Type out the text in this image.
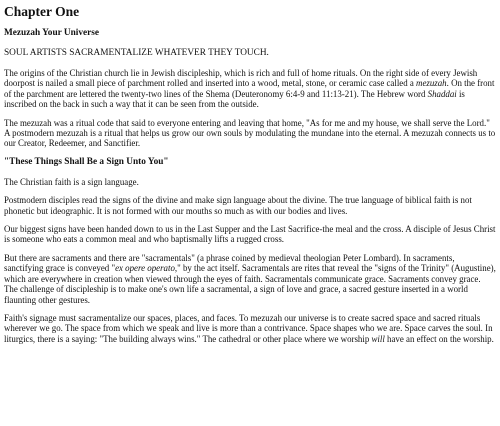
Chapter One
Mezuzah Your Universe
SOUL ARTISTS SACRAMENTALIZE WHATEVER THEY TOUCH.

The origins of the Christian church lie in Jewish discipleship, which is rich and full of home rituals. On the right side of every Jewish doorpost is nailed a small piece of parchment rolled and inserted into a wood, metal, stone, or ceramic case called a mezuzah. On the front of the parchment are lettered the twenty-two lines of the Shema (Deuteronomy 6:4-9 and 11:13-21). The Hebrew word Shaddai is inscribed on the back in such a way that it can be seen from the outside.

The mezuzah was a ritual code that said to everyone entering and leaving that home, "As for me and my house, we shall serve the Lord." A postmodern mezuzah is a ritual that helps us grow our own souls by modulating the mundane into the eternal. A mezuzah connects us to our Creator, Redeemer, and Sanctifier.

"These Things Shall Be a Sign Unto You"

The Christian faith is a sign language.

Postmodern disciples read the signs of the divine and make sign language about the divine. The true language of biblical faith is not phonetic but ideographic. It is not formed with our mouths so much as with our bodies and lives.

Our biggest signs have been handed down to us in the Last Supper and the Last Sacrifice-the meal and the cross. A disciple of Jesus Christ is someone who eats a common meal and who baptismally lifts a rugged cross.

But there are sacraments and there are "sacramentals" (a phrase coined by medieval theologian Peter Lombard). In sacraments, sanctifying grace is conveyed "ex opere operato," by the act itself. Sacramentals are rites that reveal the "signs of the Trinity" (Augustine), which are everywhere in creation when viewed through the eyes of faith. Sacramentals communicate grace. Sacraments convey grace. The challenge of discipleship is to make one's own life a sacramental, a sign of love and grace, a sacred gesture inserted in a world flaunting other gestures.

Faith's signage must sacramentalize our spaces, places, and faces. To mezuzah our universe is to create sacred space and sacred rituals wherever we go. The space from which we speak and live is more than a contrivance. Space shapes who we are. Space carves the soul. In liturgics, there is a saying: "The building always wins." The cathedral or other place where we worship will have an effect on the worship.
